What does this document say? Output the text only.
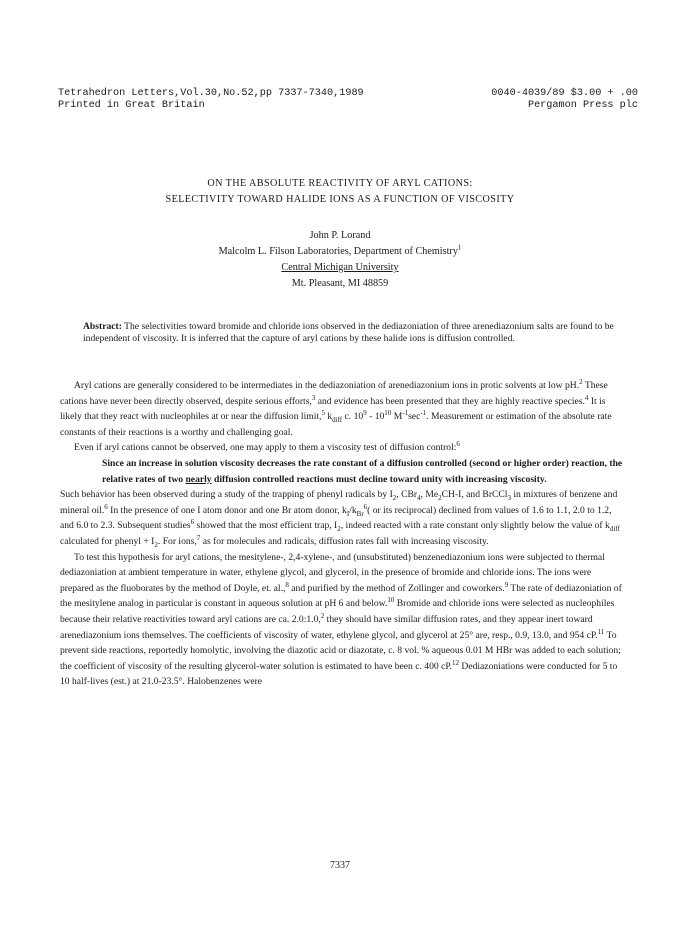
Tetrahedron Letters,Vol.30,No.52,pp 7337-7340,1989	0040-4039/89 $3.00 + .00
Printed in Great Britain	Pergamon Press plc
ON THE ABSOLUTE REACTIVITY OF ARYL CATIONS:
SELECTIVITY TOWARD HALIDE IONS AS A FUNCTION OF VISCOSITY
John P. Lorand
Malcolm L. Filson Laboratories, Department of Chemistry$^1$
Central Michigan University
Mt. Pleasant, MI 48859
Abstract: The selectivities toward bromide and chloride ions observed in the dediazoniation of three arenediazonium salts are found to be independent of viscosity. It is inferred that the capture of aryl cations by these halide ions is diffusion controlled.

Aryl cations are generally considered to be intermediates in the dediazoniation of arenediazonium ions in protic solvents at low pH.$^2$ These cations have never been directly observed, despite serious efforts,$^3$ and evidence has been presented that they are highly reactive species.$^4$ It is likely that they react with nucleophiles at or near the diffusion limit,$^5$ $k_{diff}$ c. $10^9 - 10^{10}$ $M^{-1}\sec^{-1}$. Measurement or estimation of the absolute rate constants of their reactions is a worthy and challenging goal.

Even if aryl cations cannot be observed, one may apply to them a viscosity test of diffusion control:$^6$

Since an increase in solution viscosity decreases the rate constant of a diffusion controlled (second or higher order) reaction, the relative rates of two nearly diffusion controlled reactions must decline toward unity with increasing viscosity.

Such behavior has been observed during a study of the trapping of phenyl radicals by $I_2$, CBr$_4$, $Me_2CH-I$, and BrCCl$_3$ in mixtures of benzene and mineral oil.$^6$ In the presence of one I atom donor and one Br atom donor, $k_I/k_{Br}^6$( or its reciprocal) declined from values of 1.6 to 1.1, 2.0 to 1.2, and 6.0 to 2.3. Subsequent studies$^6$ showed that the most efficient trap, $I_2$, indeed reacted with a rate constant only slightly below the value of $k_{diff}$ calculated for phenyl + $I_2$. For ions,$^7$ as for molecules and radicals, diffusion rates fall with increasing viscosity.

To test this hypothesis for aryl cations, the mesitylene-, 2,4-xylene-, and (unsubstituted) benzenediazonium ions were subjected to thermal dediazoniation at ambient temperature in water, ethylene glycol, and glycerol, in the presence of bromide and chloride ions. The ions were prepared as the fluoborates by the method of Doyle, et. al.,$^8$ and purified by the method of Zollinger and coworkers.$^9$ The rate of dediazoniation of the mesitylene analog in particular is constant in aqueous solution at pH 6 and below.$^{10}$ Bromide and chloride ions were selected as nucleophiles because their relative reactivities toward aryl cations are ca. 2.0:1.0,$^2$ they should have similar diffusion rates, and they appear inert toward arenediazonium ions themselves. The coefficients of viscosity of water, ethylene glycol, and glycerol at 25° are, resp., 0.9, 13.0, and 954 cP.$^{11}$ To prevent side reactions, reportedly homolytic, involving the diazotic acid or diazotate, c. 8 vol. % aqueous 0.01 M HBr was added to each solution; the coefficient of viscosity of the resulting glycerol-water solution is estimated to have been c. 400 cP.$^{12}$ Dediazoniations were conducted for 5 to 10 half-lives (est.) at 21.0-23.5°. Halobenzenes were

7337
